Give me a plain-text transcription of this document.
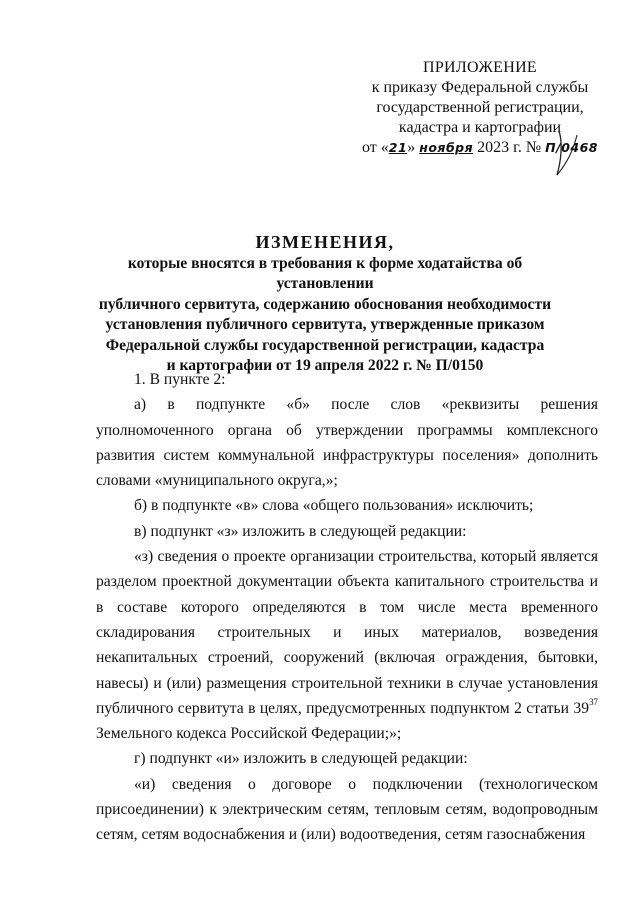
ПРИЛОЖЕНИЕ
к приказу Федеральной службы
государственной регистрации,
кадастра и картографии
от «21» ноября 2023 г. № П/0468
ИЗМЕНЕНИЯ,
которые вносятся в требования к форме ходатайства об установлении
публичного сервитута, содержанию обоснования необходимости
установления публичного сервитута, утвержденные приказом
Федеральной службы государственной регистрации, кадастра
и картографии от 19 апреля 2022 г. № П/0150

1. В пункте 2:

а) в подпункте «б» после слов «реквизиты решения уполномоченного органа об утверждении программы комплексного развития систем коммунальной инфраструктуры поселения» дополнить словами «муниципального округа,»;

б) в подпункте «в» слова «общего пользования» исключить;

в) подпункт «з» изложить в следующей редакции:

«з) сведения о проекте организации строительства, который является разделом проектной документации объекта капитального строительства и в составе которого определяются в том числе места временного складирования строительных и иных материалов, возведения некапитальных строений, сооружений (включая ограждения, бытовки, навесы) и (или) размещения строительной техники в случае установления публичного сервитута в целях, предусмотренных подпунктом 2 статьи $39^{37}$ Земельного кодекса Российской Федерации;»;

г) подпункт «и» изложить в следующей редакции:

«и) сведения о договоре о подключении (технологическом присоединении) к электрическим сетям, тепловым сетям, водопроводным сетям, сетям водоснабжения и (или) водоотведения, сетям газоснабжения
